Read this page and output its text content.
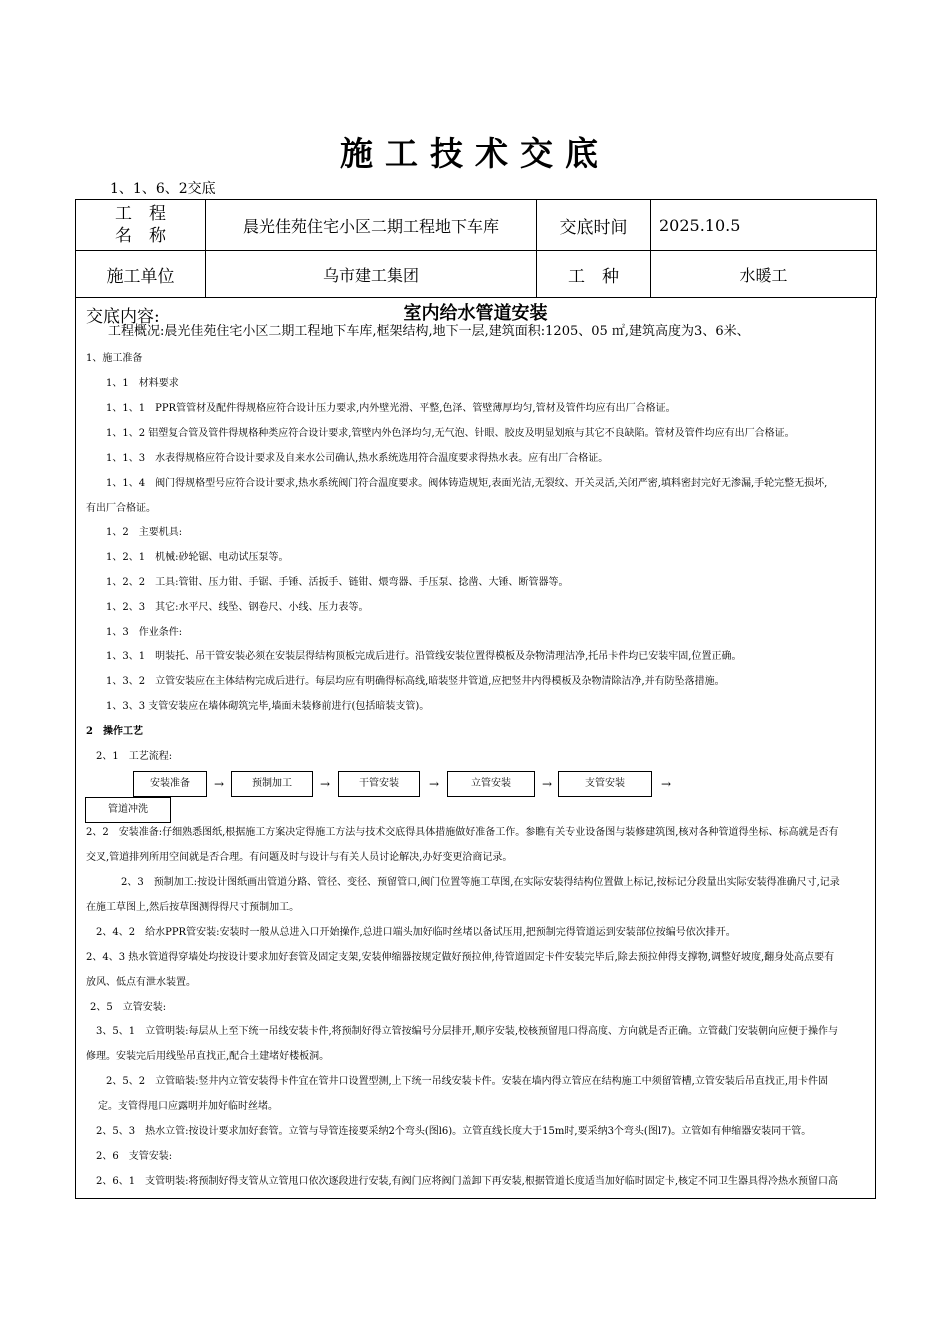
施工技术交底
1、1、6、2交底
工　程
名　称	晨光佳苑住宅小区二期工程地下车库	交底时间	2025.10.5
施工单位	乌市建工集团	工　种	水暖工
交底内容:	室内给水管道安装
工程概况:晨光佳苑住宅小区二期工程地下车库,框架结构,地下一层,建筑面积:1205、05 ㎡,建筑高度为3、6米、
1、施工准备
1、1　材料要求
1、1、1　PPR管管材及配件得规格应符合设计压力要求,内外壁光滑、平整,色泽、管壁薄厚均匀,管材及管件均应有出厂合格证。
1、1、2 铝塑复合管及管件得规格种类应符合设计要求,管壁内外色泽均匀,无气泡、针眼、胶皮及明显划痕与其它不良缺陷。管材及管件均应有出厂合格证。
1、1、3　水表得规格应符合设计要求及自来水公司确认,热水系统选用符合温度要求得热水表。应有出厂合格证。
1、1、4　阀门得规格型号应符合设计要求,热水系统阀门符合温度要求。阀体铸造规矩,表面光洁,无裂纹、开关灵活,关闭严密,填料密封完好无渗漏,手轮完整无损坏,
有出厂合格证。
1、2　主要机具:
1、2、1　机械:砂轮锯、电动试压泵等。
1、2、2　工具:管钳、压力钳、手锯、手锤、活扳手、链钳、煨弯器、手压泵、捻凿、大锤、断管器等。
1、2、3　其它:水平尺、线坠、钢卷尺、小线、压力表等。
1、3　作业条件:
1、3、1　明装托、吊干管安装必须在安装层得结构顶板完成后进行。沿管线安装位置得模板及杂物清理洁净,托吊卡件均已安装牢固,位置正确。
1、3、2　立管安装应在主体结构完成后进行。每层均应有明确得标高线,暗装竖井管道,应把竖井内得模板及杂物清除洁净,并有防坠落措施。
1、3、3 支管安装应在墙体砌筑完毕,墙面未装修前进行(包括暗装支管)。
2　操作工艺
2、1　工艺流程:
安装准备	→	预制加工	→	干管安装	→	立管安装	→	支管安装	→
管道冲洗
2、2　安装准备:仔细熟悉图纸,根据施工方案决定得施工方法与技术交底得具体措施做好准备工作。参瞧有关专业设备图与装修建筑图,核对各种管道得坐标、标高就是否有
交叉,管道排列所用空间就是否合理。有问题及时与设计与有关人员讨论解决,办好变更洽商记录。
2、3　预制加工:按设计图纸画出管道分路、管径、变径、预留管口,阀门位置等施工草图,在实际安装得结构位置做上标记,按标记分段量出实际安装得准确尺寸,记录
在施工草图上,然后按草图测得得尺寸预制加工。
2、4、2　给水PPR管安装:安装时一般从总进入口开始操作,总进口端头加好临时丝堵以备试压用,把预制完得管道运到安装部位按编号依次排开。
2、4、3 热水管道得穿墙处均按设计要求加好套管及固定支架,安装伸缩器按规定做好预拉伸,待管道固定卡件安装完毕后,除去预拉伸得支撑物,调整好坡度,翻身处高点要有
放风、低点有泄水装置。
2、5　立管安装:
3、5、1　立管明装:每层从上至下统一吊线安装卡件,将预制好得立管按编号分层排开,顺序安装,校核预留甩口得高度、方向就是否正确。立管截门安装朝向应便于操作与
修理。安装完后用线坠吊直找正,配合土建堵好楼板洞。
2、5、2　立管暗装:竖井内立管安装得卡件宜在管井口设置型测,上下统一吊线安装卡件。安装在墙内得立管应在结构施工中须留管槽,立管安装后吊直找正,用卡件固
定。支管得甩口应露明并加好临时丝堵。
2、5、3　热水立管:按设计要求加好套管。立管与导管连接要采纳2个弯头(图l6)。立管直线长度大于15m时,要采纳3个弯头(图l7)。立管如有伸缩器安装同干管。
2、6　支管安装:
2、6、1　支管明装:将预制好得支管从立管甩口依次逐段进行安装,有阀门应将阀门盖卸下再安装,根据管道长度适当加好临时固定卡,核定不同卫生器具得冷热水预留口高
